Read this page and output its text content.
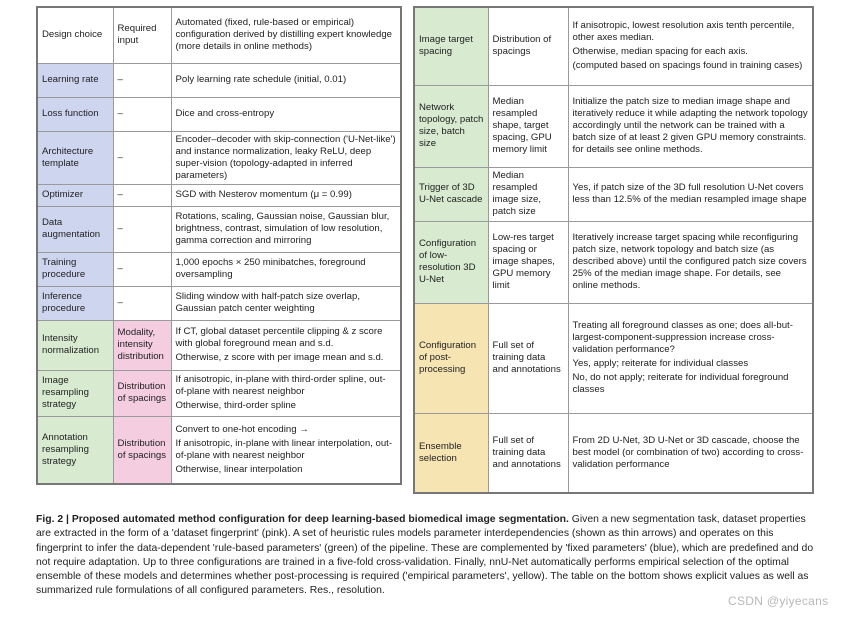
Design choice	Required input	Automated (fixed, rule-based or empirical) configuration derived by distilling expert knowledge (more details in online methods)
Learning rate	–	Poly learning rate schedule (initial, 0.01)

Loss function	–	Dice and cross-entropy

Architecture template	–	Encoder–decoder with skip-connection ('U-Net-like') and instance normalization, leaky ReLU, deep super-vision (topology-adapted in inferred parameters)

Optimizer	–	SGD with Nesterov momentum (μ = 0.99)

Data augmentation	–	Rotations, scaling, Gaussian noise, Gaussian blur, brightness, contrast, simulation of low resolution, gamma correction and mirroring

Training procedure	–	1,000 epochs × 250 minibatches, foreground oversampling

Inference procedure	–	Sliding window with half-patch size overlap, Gaussian patch center weighting

Intensity normalization	Modality, intensity distribution	If CT, global dataset percentile clipping & z score with global foreground mean and s.d.
Otherwise, z score with per image mean and s.d.

Image resampling strategy	Distribution of spacings	If anisotropic, in-plane with third-order spline, out-of-plane with nearest neighbor
Otherwise, third-order spline

Annotation resampling strategy	Distribution of spacings	Convert to one-hot encoding →
If anisotropic, in-plane with linear interpolation, out-of-plane with nearest neighbor
Otherwise, linear interpolation
Image target spacing	Distribution of spacings	If anisotropic, lowest resolution axis tenth percentile, other axes median.
Otherwise, median spacing for each axis.
(computed based on spacings found in training cases)

Network topology, patch size, batch size	Median resampled shape, target spacing, GPU memory limit	Initialize the patch size to median image shape and iteratively reduce it while adapting the network topology accordingly until the network can be trained with a batch size of at least 2 given GPU memory constraints. for details see online methods.

Trigger of 3D U-Net cascade	Median resampled image size, patch size	Yes, if patch size of the 3D full resolution U-Net covers less than 12.5% of the median resampled image shape

Configuration of low-resolution 3D U-Net	Low-res target spacing or image shapes, GPU memory limit	Iteratively increase target spacing while reconfiguring patch size, network topology and batch size (as described above) until the configured patch size covers 25% of the median image shape. For details, see online methods.

Configuration of post-processing	Full set of training data and annotations	Treating all foreground classes as one; does all-but-largest-component-suppression increase cross-validation performance?
Yes, apply; reiterate for individual classes
No, do not apply; reiterate for individual foreground classes

Ensemble selection	Full set of training data and annotations	From 2D U-Net, 3D U-Net or 3D cascade, choose the best model (or combination of two) according to cross-validation performance
Fig. 2 | Proposed automated method configuration for deep learning-based biomedical image segmentation. Given a new segmentation task, dataset properties are extracted in the form of a 'dataset fingerprint' (pink). A set of heuristic rules models parameter interdependencies (shown as thin arrows) and operates on this fingerprint to infer the data-dependent 'rule-based parameters' (green) of the pipeline. These are complemented by 'fixed parameters' (blue), which are predefined and do not require adaptation. Up to three configurations are trained in a five-fold cross-validation. Finally, nnU-Net automatically performs empirical selection of the optimal ensemble of these models and determines whether post-processing is required ('empirical parameters', yellow). The table on the bottom shows explicit values as well as summarized rule formulations of all configured parameters. Res., resolution.
CSDN @yiyecans
